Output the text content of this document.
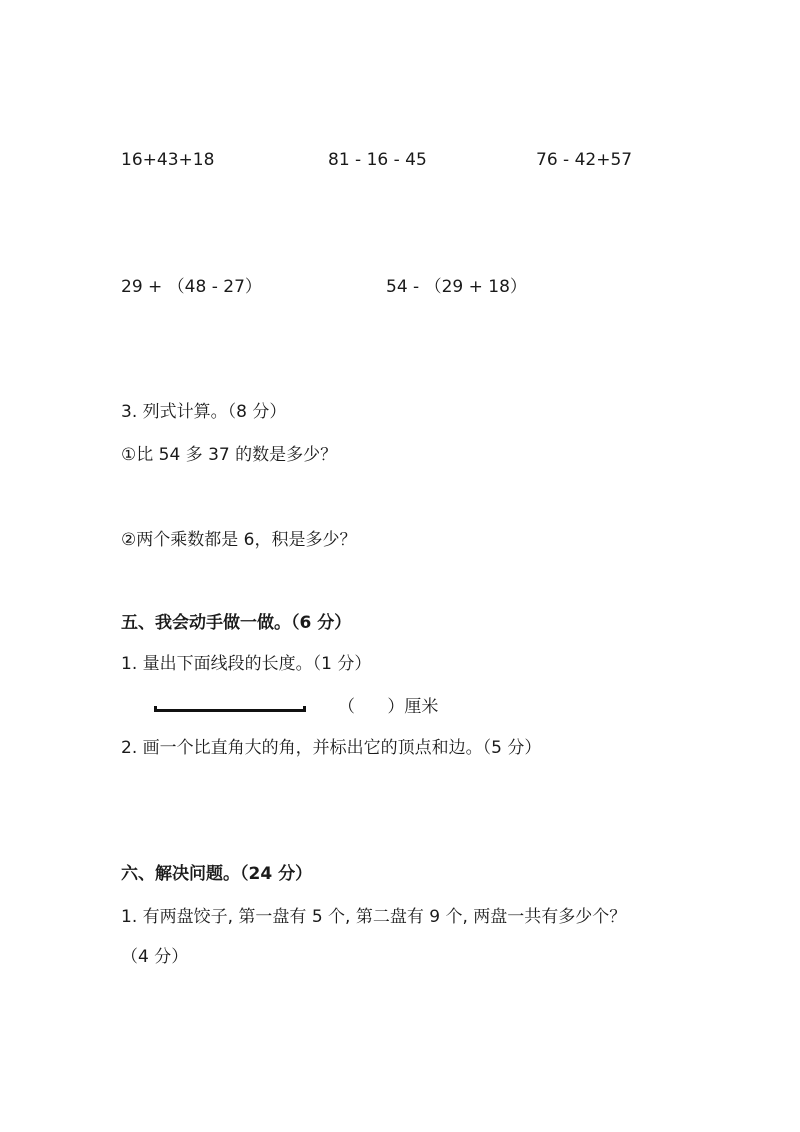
16+43+18	81 - 16 - 45	76 - 42+57
29 + （48 - 27）	54 - （29 + 18）
3. 列式计算。（8 分）
①比 54 多 37 的数是多少？
②两个乘数都是 6，积是多少？
五、我会动手做一做。（6 分）
1. 量出下面线段的长度。（1 分）
（      ）厘米
2. 画一个比直角大的角，并标出它的顶点和边。（5 分）
六、解决问题。（24 分）
1. 有两盘饺子, 第一盘有 5 个, 第二盘有 9 个, 两盘一共有多少个？
（4 分）
